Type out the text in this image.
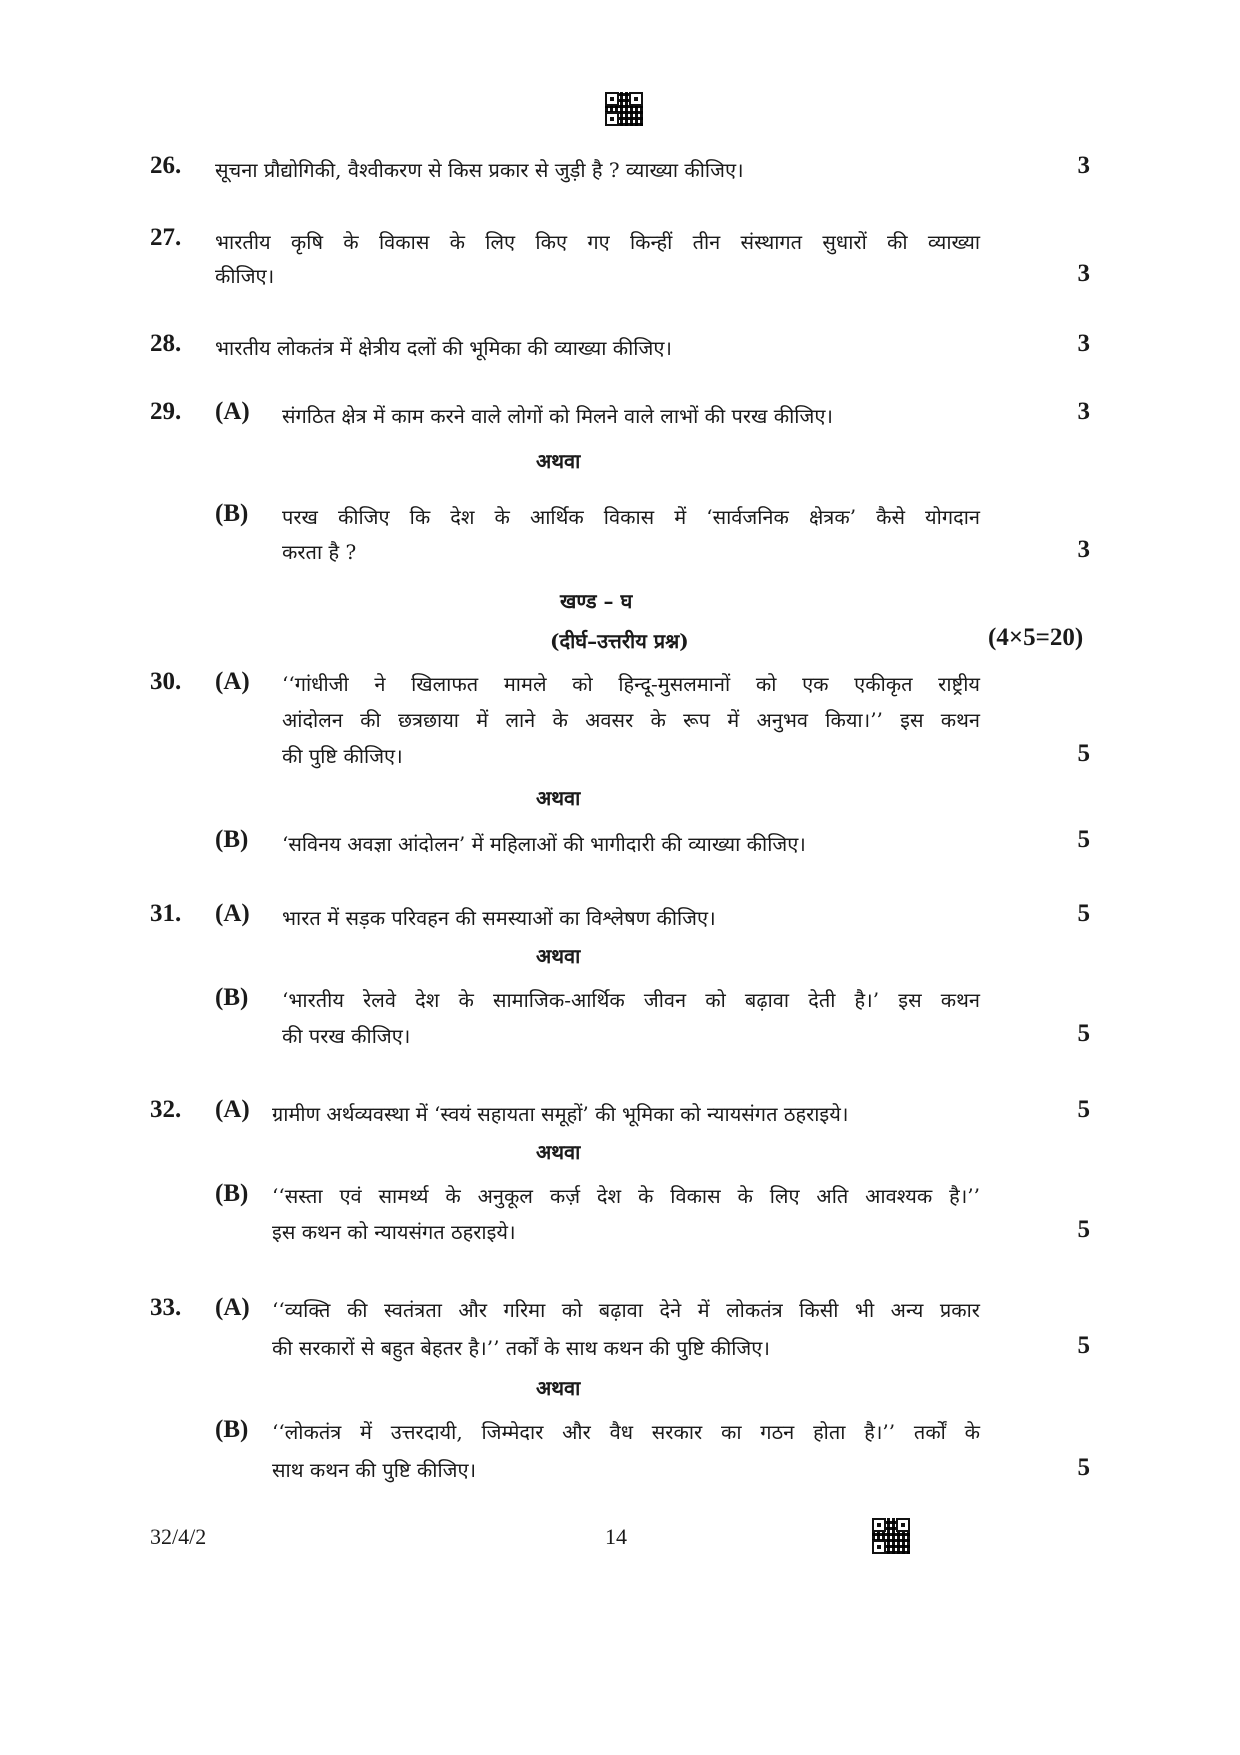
26. सूचना प्रौद्योगिकी, वैश्वीकरण से किस प्रकार से जुड़ी है ? व्याख्या कीजिए।	3
27. भारतीय कृषि के विकास के लिए किए गए किन्हीं तीन संस्थागत सुधारों की व्याख्या
कीजिए।	3
28. भारतीय लोकतंत्र में क्षेत्रीय दलों की भूमिका की व्याख्या कीजिए।	3
29. (A) संगठित क्षेत्र में काम करने वाले लोगों को मिलने वाले लाभों की परख कीजिए।	3
अथवा
(B) परख कीजिए कि देश के आर्थिक विकास में ‘सार्वजनिक क्षेत्रक’ कैसे योगदान
करता है ?	3
खण्ड – घ
(दीर्घ–उत्तरीय प्रश्न)	(4×5=20)
30. (A) ‘‘गांधीजी ने खिलाफत मामले को हिन्दू-मुसलमानों को एक एकीकृत राष्ट्रीय
आंदोलन की छत्रछाया में लाने के अवसर के रूप में अनुभव किया।’’ इस कथन
की पुष्टि कीजिए।	5
अथवा
(B) ‘सविनय अवज्ञा आंदोलन’ में महिलाओं की भागीदारी की व्याख्या कीजिए।	5
31. (A) भारत में सड़क परिवहन की समस्याओं का विश्लेषण कीजिए।	5
अथवा
(B) ‘भारतीय रेलवे देश के सामाजिक-आर्थिक जीवन को बढ़ावा देती है।’ इस कथन
की परख कीजिए।	5
32. (A) ग्रामीण अर्थव्यवस्था में ‘स्वयं सहायता समूहों’ की भूमिका को न्यायसंगत ठहराइये।	5
अथवा
(B) ‘‘सस्ता एवं सामर्थ्य के अनुकूल कर्ज़ देश के विकास के लिए अति आवश्यक है।’’
इस कथन को न्यायसंगत ठहराइये।	5
33. (A) ‘‘व्यक्ति की स्वतंत्रता और गरिमा को बढ़ावा देने में लोकतंत्र किसी भी अन्य प्रकार
की सरकारों से बहुत बेहतर है।’’ तर्कों के साथ कथन की पुष्टि कीजिए।	5
अथवा
(B) ‘‘लोकतंत्र में उत्तरदायी, जिम्मेदार और वैध सरकार का गठन होता है।’’ तर्कों के
साथ कथन की पुष्टि कीजिए।	5
32/4/2	14
